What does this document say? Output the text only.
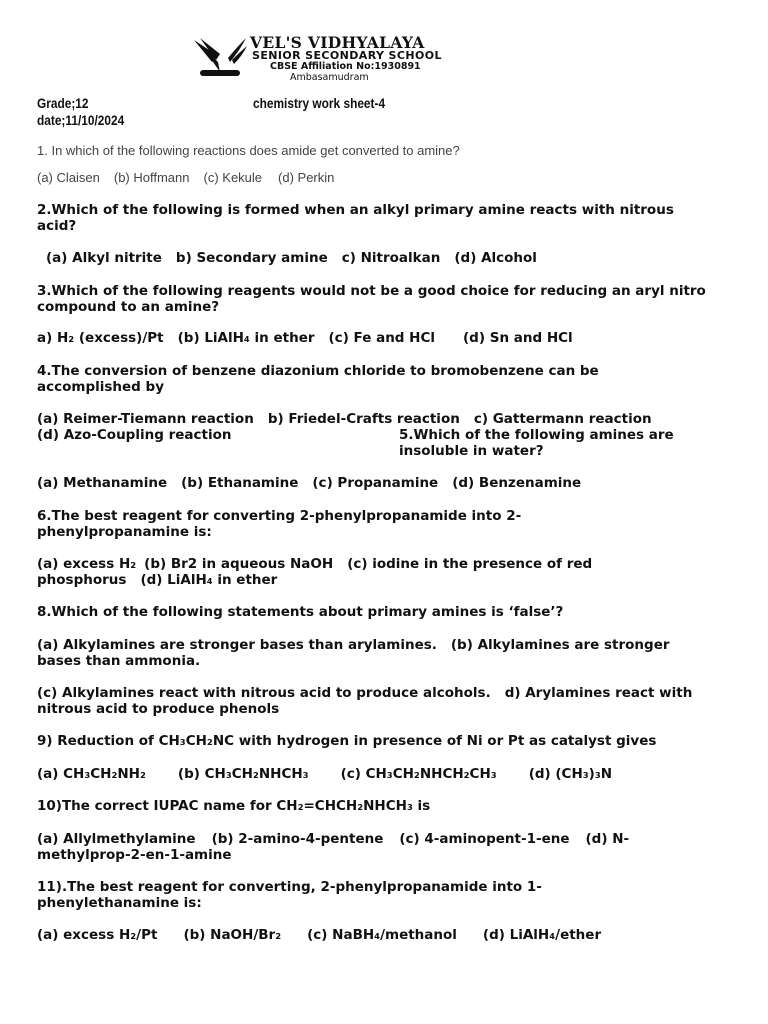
VEL'S VIDHYALAYA

SENIOR SECONDARY SCHOOL

CBSE Affiliation No:1930891

Ambasamudram

Grade;12	chemistry work sheet-4

date;11/10/2024

1. In which of the following reactions does amide get converted to amine?

(a) Claisen (b) Hoffmann (c) Kekule (d) Perkin

2.Which of the following is formed when an alkyl primary amine reacts with nitrous acid?

(a) Alkyl nitrite b) Secondary amine c) Nitroalkan (d) Alcohol

3.Which of the following reagents would not be a good choice for reducing an aryl nitro compound to an amine?

a) H₂ (excess)/Pt (b) LiAlH₄ in ether (c) Fe and HCl (d) Sn and HCl

4.The conversion of benzene diazonium chloride to bromobenzene can be accomplished by

(a) Reimer-Tiemann reaction b) Friedel-Crafts reaction c) Gattermann reaction

(d) Azo-Coupling reaction	5.Which of the following amines are insoluble in water?

(a) Methanamine (b) Ethanamine (c) Propanamine (d) Benzenamine

6.The best reagent for converting 2-phenylpropanamide into 2-phenylpropanamine is:

(a) excess H₂ (b) Br2 in aqueous NaOH (c) iodine in the presence of red phosphorus (d) LiAlH₄ in ether

8.Which of the following statements about primary amines is ‘false’?

(a) Alkylamines are stronger bases than arylamines. (b) Alkylamines are stronger bases than ammonia.

(c) Alkylamines react with nitrous acid to produce alcohols. d) Arylamines react with nitrous acid to produce phenols

9) Reduction of CH₃CH₂NC with hydrogen in presence of Ni or Pt as catalyst gives

(a) CH₃CH₂NH₂ (b) CH₃CH₂NHCH₃ (c) CH₃CH₂NHCH₂CH₃ (d) (CH₃)₃N

10)The correct IUPAC name for CH₂=CHCH₂NHCH₃ is

(a) Allylmethylamine (b) 2-amino-4-pentene (c) 4-aminopent-1-ene (d) N-methylprop-2-en-1-amine

11).The best reagent for converting, 2-phenylpropanamide into 1-phenylethanamine is:

(a) excess H₂/Pt (b) NaOH/Br₂ (c) NaBH₄/methanol (d) LiAlH₄/ether
